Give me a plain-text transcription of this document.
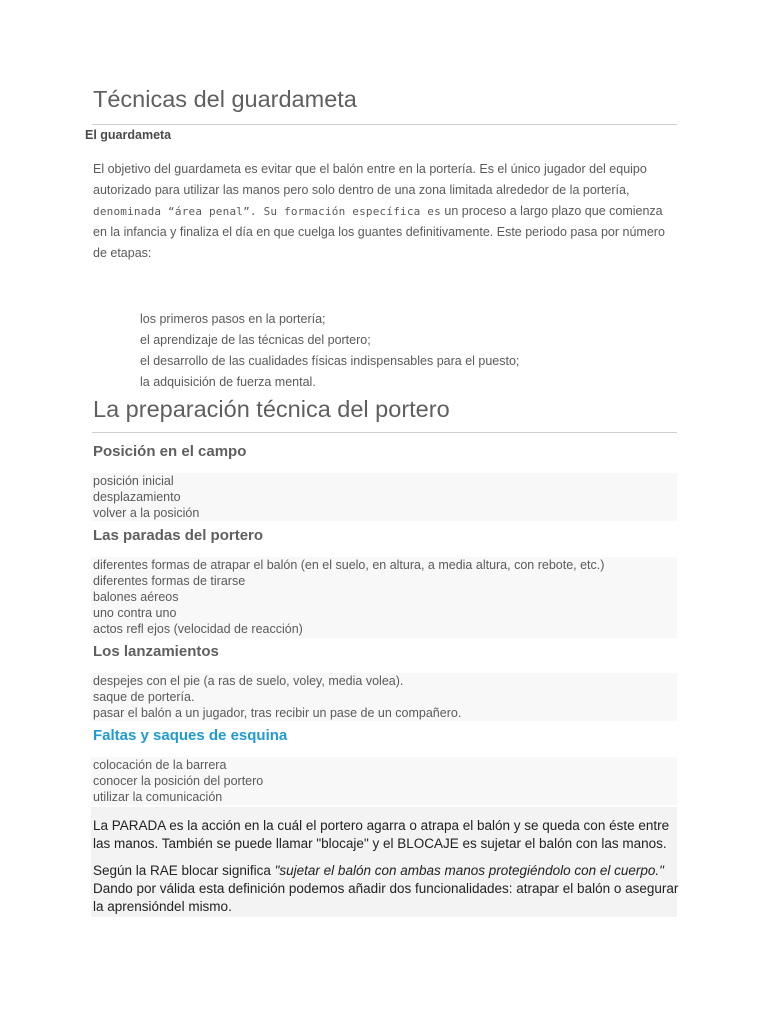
Técnicas del guardameta
El guardameta

El objetivo del guardameta es evitar que el balón entre en la portería. Es el único jugador del equipo autorizado para utilizar las manos pero solo dentro de una zona limitada alrededor de la portería, denominada “área penal”. Su formación específica es un proceso a largo plazo que comienza en la infancia y finaliza el día en que cuelga los guantes definitivamente. Este periodo pasa por número de etapas:

los primeros pasos en la portería;
el aprendizaje de las técnicas del portero;
el desarrollo de las cualidades físicas indispensables para el puesto;
la adquisición de fuerza mental.
La preparación técnica del portero
Posición en el campo
posición inicial
desplazamiento
volver a la posición
Las paradas del portero
diferentes formas de atrapar el balón (en el suelo, en altura, a media altura, con rebote, etc.)
diferentes formas de tirarse
balones aéreos
uno contra uno
actos refl ejos (velocidad de reacción)
Los lanzamientos
despejes con el pie (a ras de suelo, voley, media volea).
saque de portería.
pasar el balón a un jugador, tras recibir un pase de un compañero.
Faltas y saques de esquina
colocación de la barrera
conocer la posición del portero
utilizar la comunicación

La PARADA es la acción en la cuál el portero agarra o atrapa el balón y se queda con éste entre las manos. También se puede llamar "blocaje" y el BLOCAJE es sujetar el balón con las manos.

Según la RAE blocar significa "sujetar el balón con ambas manos protegiéndolo con el cuerpo." Dando por válida esta definición podemos añadir dos funcionalidades: atrapar el balón o asegurar la aprensióndel mismo.
